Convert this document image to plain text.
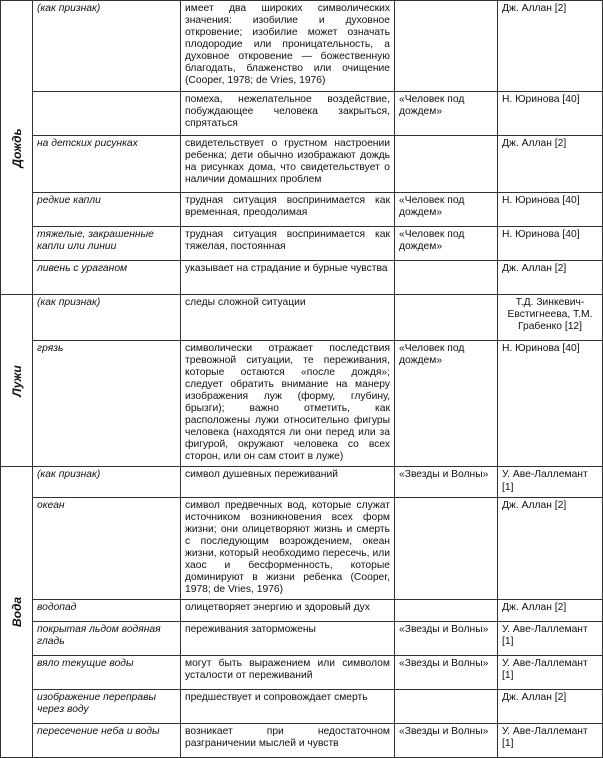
Дождь	(как признак)	имеет два широких символических значения: изобилие и духовное откровение; изобилие может означать плодородие или проницательность, а духовное откровение — божественную благодать, блаженство или очищение (Cooper, 1978; de Vries, 1976)		Дж. Аллан [2]
		помеха, нежелательное воздействие, побуждающее человека закрыться, спрятаться	«Человек под дождем»	Н. Юринова [40]
	на детских рисунках	свидетельствует о грустном настроении ребенка; дети обычно изображают дождь на рисунках дома, что свидетельствует о наличии домашних проблем		Дж. Аллан [2]
	редкие капли	трудная ситуация воспринимается как временная, преодолимая	«Человек под дождем»	Н. Юринова [40]
	тяжелые, закрашенные капли или линии	трудная ситуация воспринимается как тяжелая, постоянная	«Человек под дождем»	Н. Юринова [40]
	ливень с ураганом	указывает на страдание и бурные чувства		Дж. Аллан [2]

Лужи	(как признак)	следы сложной ситуации		Т.Д. Зинкевич-Евстигнеева, Т.М. Грабенко [12]
	грязь	символически отражает последствия тревожной ситуации, те переживания, которые остаются «после дождя»; следует обратить внимание на манеру изображения луж (форму, глубину, брызги); важно отметить, как расположены лужи относительно фигуры человека (находятся ли они перед или за фигурой, окружают человека со всех сторон, или он сам стоит в луже)	«Человек под дождем»	Н. Юринова [40]

Вода	(как признак)	символ душевных переживаний	«Звезды и Волны»	У. Аве-Лаллемант [1]
	океан	символ предвечных вод, которые служат источником возникновения всех форм жизни; они олицетворяют жизнь и смерть с последующим возрождением, океан жизни, который необходимо пересечь, или хаос и бесформенность, которые доминируют в жизни ребенка (Cooper, 1978; de Vries, 1976)		Дж. Аллан [2]
	водопад	олицетворяет энергию и здоровый дух		Дж. Аллан [2]
	покрытая льдом водяная гладь	переживания заторможены	«Звезды и Волны»	У. Аве-Лаллемант [1]
	вяло текущие воды	могут быть выражением или символом усталости от переживаний	«Звезды и Волны»	У. Аве-Лаллемант [1]
	изображение переправы через воду	предшествует и сопровождает смерть		Дж. Аллан [2]
	пересечение неба и воды	возникает при недостаточном разграничении мыслей и чувств	«Звезды и Волны»	У. Аве-Лаллемант [1]
